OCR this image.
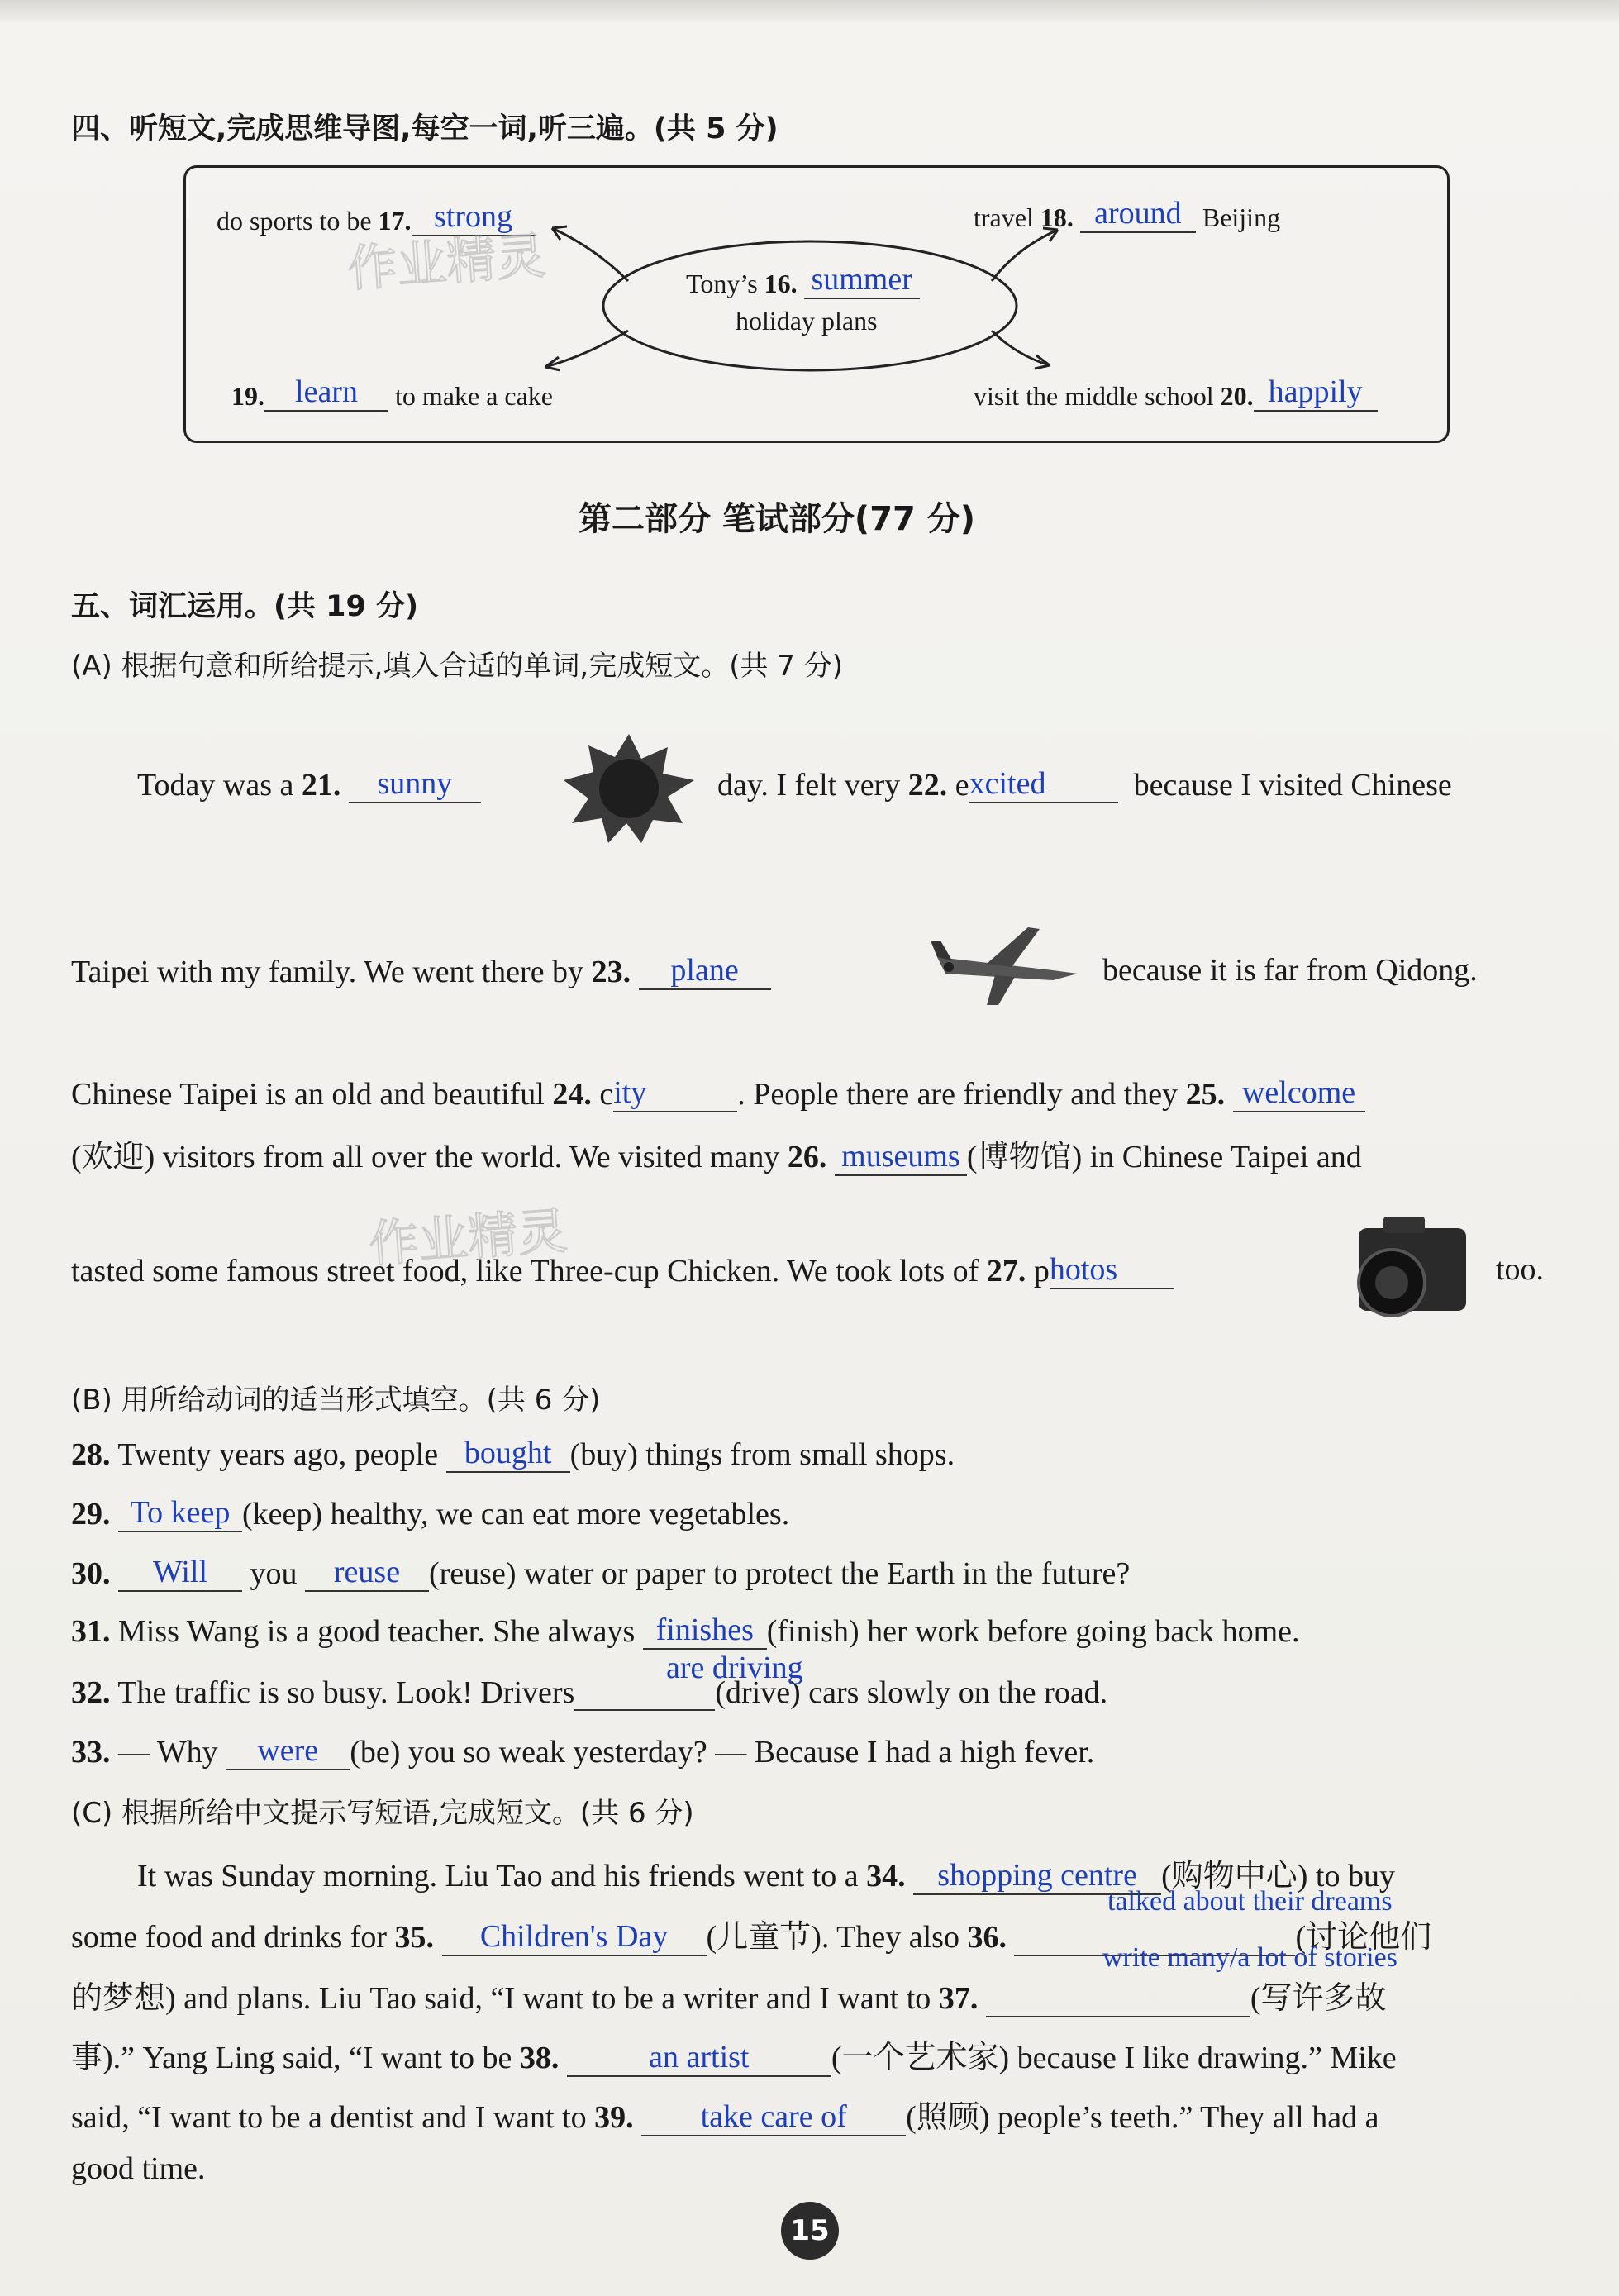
四、听短文,完成思维导图,每空一词,听三遍。(共 5 分)
do sports to be 17. strong	travel 18. around Beijing
Tony’s 16. summer
holiday plans
19. learn to make a cake	visit the middle school 20. happily
第二部分 笔试部分(77 分)
五、词汇运用。(共 19 分)
(A) 根据句意和所给提示,填入合适的单词,完成短文。(共 7 分)
Today was a 21. sunny	day. I felt very 22. excited	because I visited Chinese
Taipei with my family. We went there by 23. plane	because it is far from Qidong.
Chinese Taipei is an old and beautiful 24. city	. People there are friendly and they 25. welcome
(欢迎) visitors from all over the world. We visited many 26. museums (博物馆) in Chinese Taipei and
tasted some famous street food, like Three-cup Chicken. We took lots of 27. photos	too.
(B) 用所给动词的适当形式填空。(共 6 分)
28. Twenty years ago, people bought (buy) things from small shops.
29. To keep (keep) healthy, we can eat more vegetables.
30. Will you reuse (reuse) water or paper to protect the Earth in the future?
31. Miss Wang is a good teacher. She always finishes (finish) her work before going back home.
32. The traffic is so busy. Look! Drivers	(drive) cars slowly on the road.
are driving
33. — Why were (be) you so weak yesterday? — Because I had a high fever.
(C) 根据所给中文提示写短语,完成短文。(共 6 分)
It was Sunday morning. Liu Tao and his friends went to a 34. shopping centre (购物中心) to buy
some food and drinks for 35. Children's Day (儿童节). They also 36.	(讨论他们
talked about their dreams
的梦想) and plans. Liu Tao said, “I want to be a writer and I want to 37.	(写许多故
write many/a lot of stories
事).” Yang Ling said, “I want to be 38.	an artist	(一个艺术家) because I like drawing.” Mike
said, “I want to be a dentist and I want to 39. take care of (照顾) people’s teeth.” They all had a
good time.
作业精灵
作业精灵
15
